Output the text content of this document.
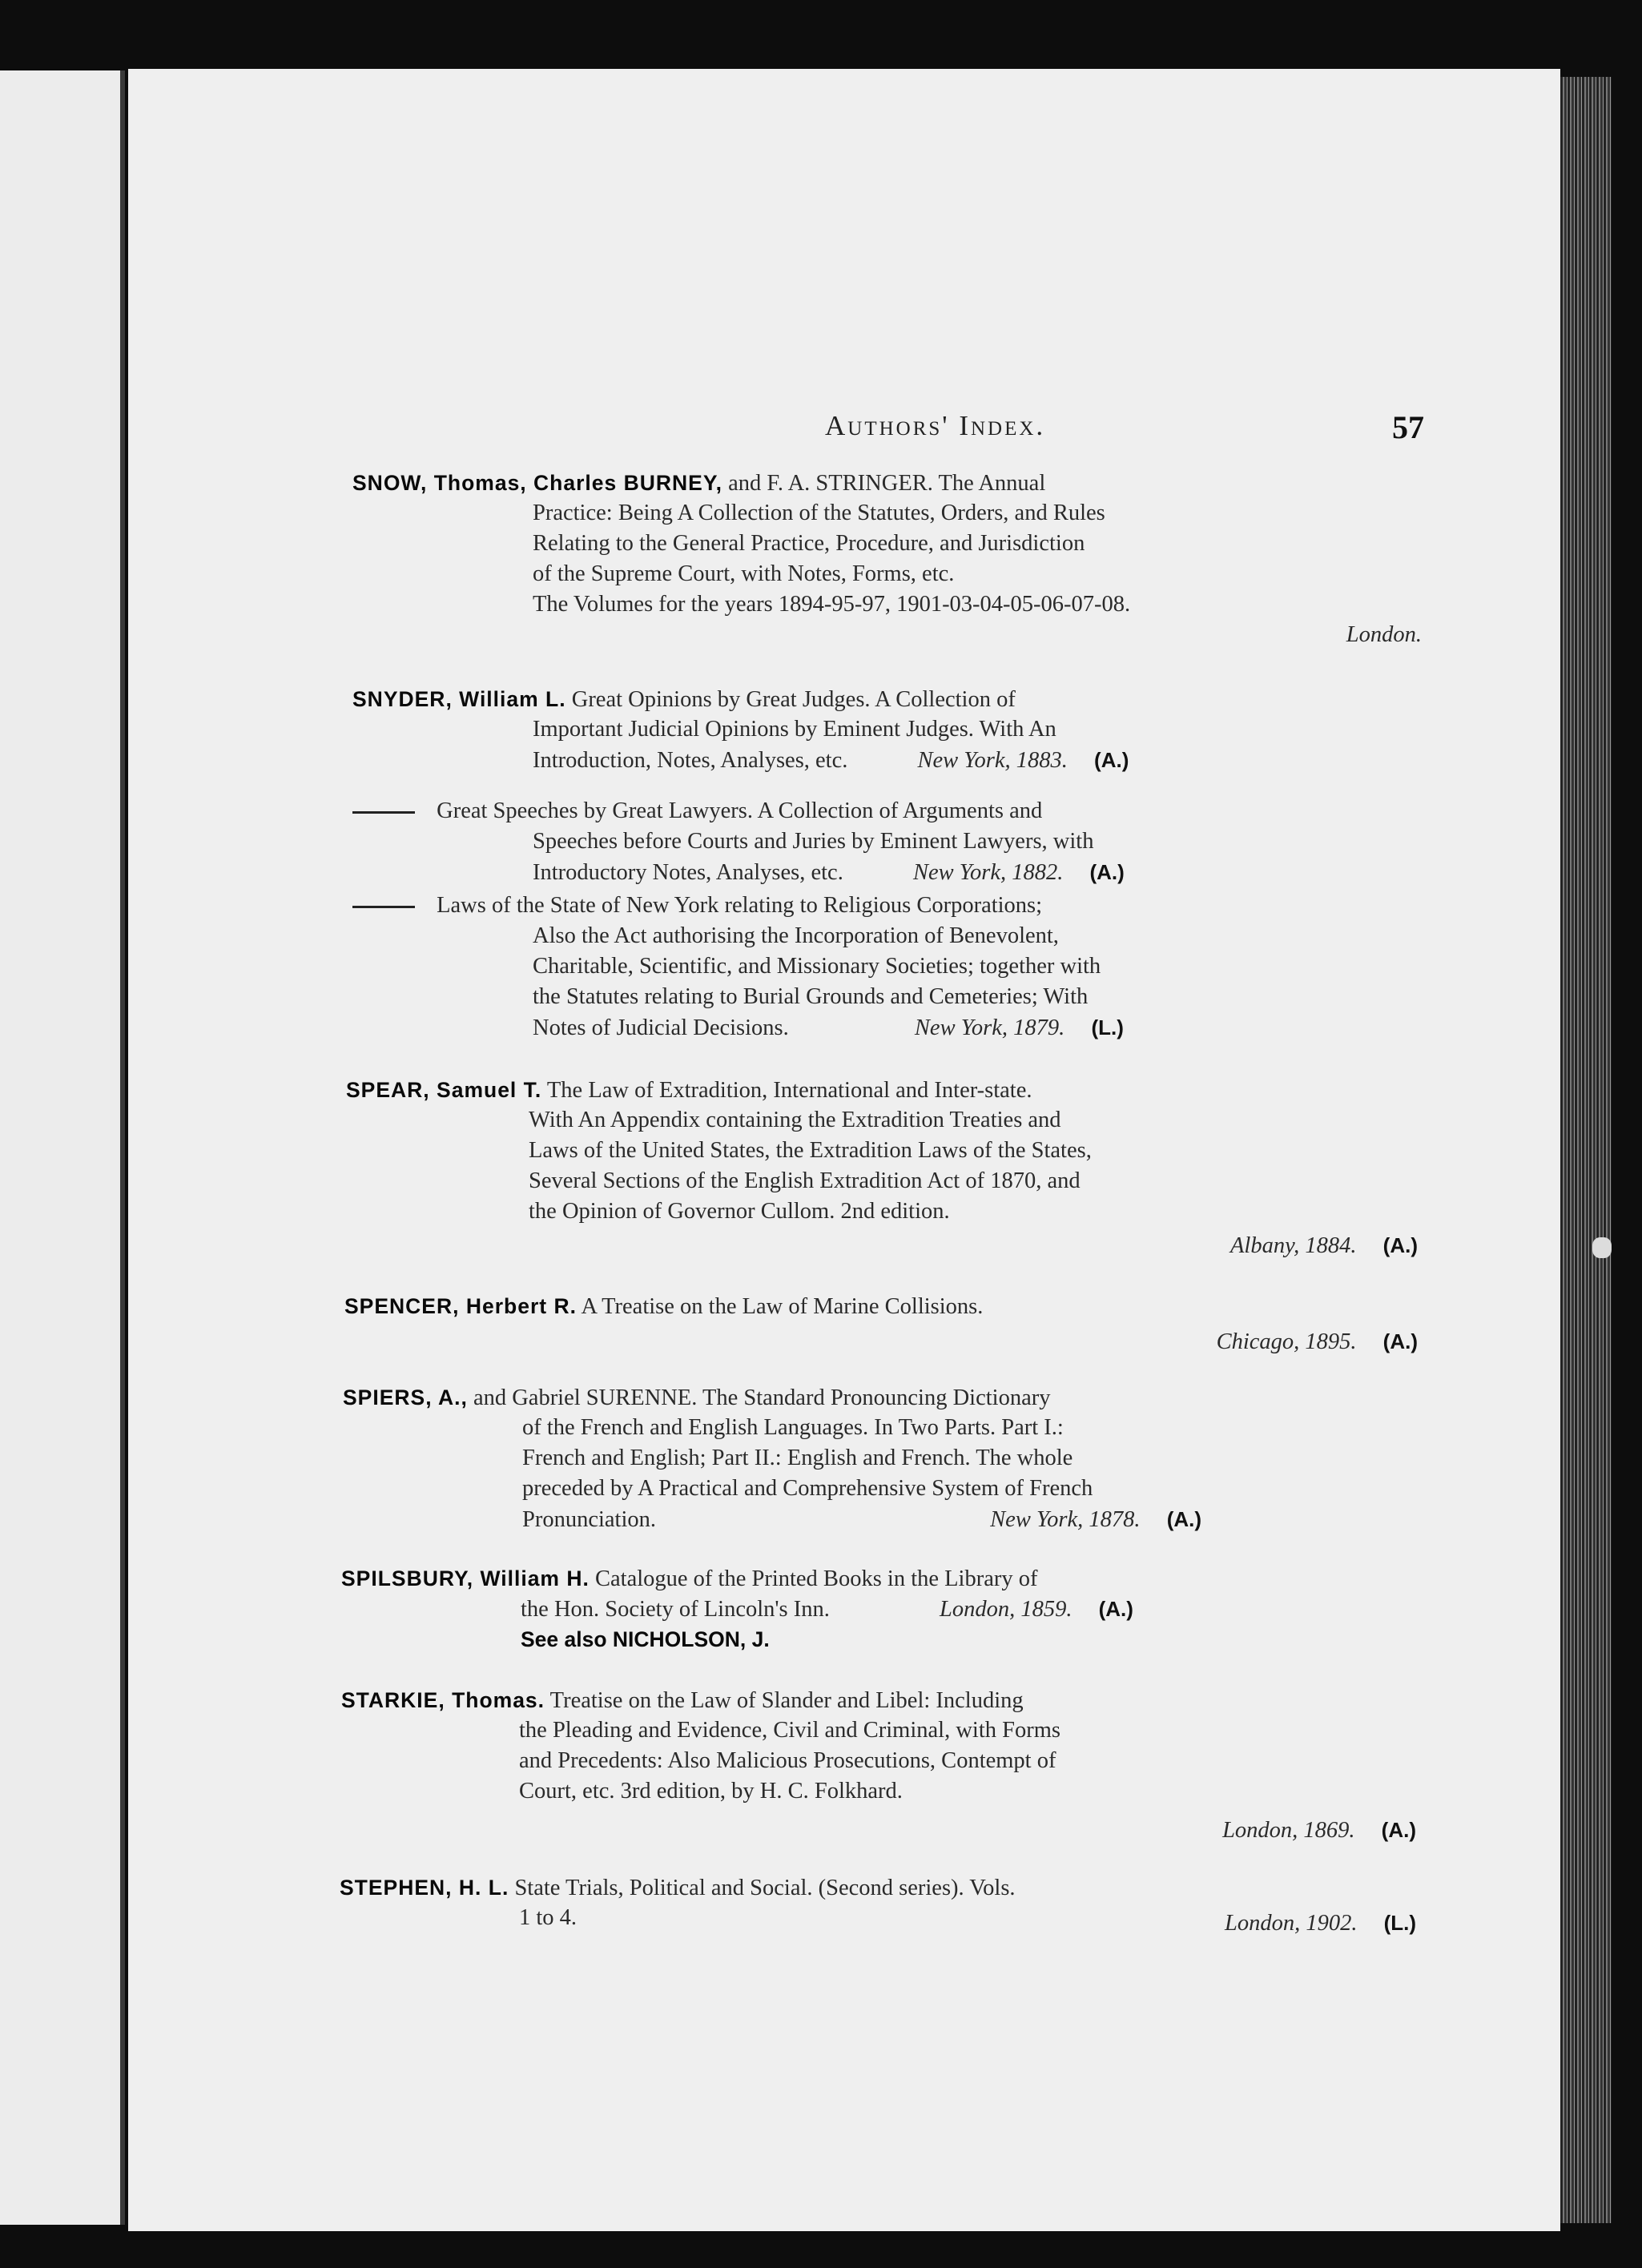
Authors' Index.	57
SNOW, Thomas, Charles BURNEY, and F. A. STRINGER. The Annual
Practice: Being A Collection of the Statutes, Orders, and Rules
Relating to the General Practice, Procedure, and Jurisdiction
of the Supreme Court, with Notes, Forms, etc.
The Volumes for the years 1894-95-97, 1901-03-04-05-06-07-08.
London.
SNYDER, William L. Great Opinions by Great Judges. A Collection of
Important Judicial Opinions by Eminent Judges. With An
Introduction, Notes, Analyses, etc.	New York, 1883. (A.)
Great Speeches by Great Lawyers. A Collection of Arguments and
Speeches before Courts and Juries by Eminent Lawyers, with
Introductory Notes, Analyses, etc.	New York, 1882. (A.)
Laws of the State of New York relating to Religious Corporations;
Also the Act authorising the Incorporation of Benevolent,
Charitable, Scientific, and Missionary Societies; together with
the Statutes relating to Burial Grounds and Cemeteries; With
Notes of Judicial Decisions.	New York, 1879. (L.)
SPEAR, Samuel T. The Law of Extradition, International and Inter-state.
With An Appendix containing the Extradition Treaties and
Laws of the United States, the Extradition Laws of the States,
Several Sections of the English Extradition Act of 1870, and
the Opinion of Governor Cullom. 2nd edition.
Albany, 1884. (A.)
SPENCER, Herbert R. A Treatise on the Law of Marine Collisions.
Chicago, 1895. (A.)
SPIERS, A., and Gabriel SURENNE. The Standard Pronouncing Dictionary
of the French and English Languages. In Two Parts. Part I.:
French and English; Part II.: English and French. The whole
preceded by A Practical and Comprehensive System of French
Pronunciation.	New York, 1878. (A.)
SPILSBURY, William H. Catalogue of the Printed Books in the Library of
the Hon. Society of Lincoln's Inn.	London, 1859. (A.)
See also NICHOLSON, J.
STARKIE, Thomas. Treatise on the Law of Slander and Libel: Including
the Pleading and Evidence, Civil and Criminal, with Forms
and Precedents: Also Malicious Prosecutions, Contempt of
Court, etc. 3rd edition, by H. C. Folkhard.
London, 1869. (A.)
STEPHEN, H. L. State Trials, Political and Social. (Second series). Vols.
1 to 4.	London, 1902. (L.)
